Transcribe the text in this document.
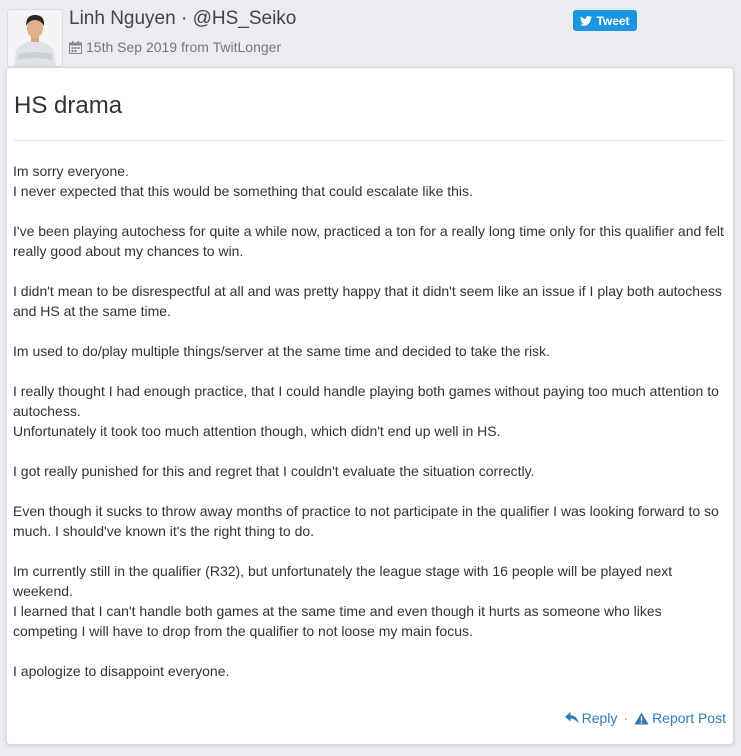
Linh Nguyen · @HS_Seiko
15th Sep 2019 from TwitLonger
Tweet
HS drama

Im sorry everyone.
I never expected that this would be something that could escalate like this.

I've been playing autochess for quite a while now, practiced a ton for a really long time only for this qualifier and felt really good about my chances to win.

I didn't mean to be disrespectful at all and was pretty happy that it didn't seem like an issue if I play both autochess and HS at the same time.

Im used to do/play multiple things/server at the same time and decided to take the risk.

I really thought I had enough practice, that I could handle playing both games without paying too much attention to autochess.
Unfortunately it took too much attention though, which didn't end up well in HS.

I got really punished for this and regret that I couldn't evaluate the situation correctly.

Even though it sucks to throw away months of practice to not participate in the qualifier I was looking forward to so much. I should've known it's the right thing to do.

Im currently still in the qualifier (R32), but unfortunately the league stage with 16 people will be played next weekend.
I learned that I can't handle both games at the same time and even though it hurts as someone who likes competing I will have to drop from the qualifier to not loose my main focus.

I apologize to disappoint everyone.

Reply · Report Post
